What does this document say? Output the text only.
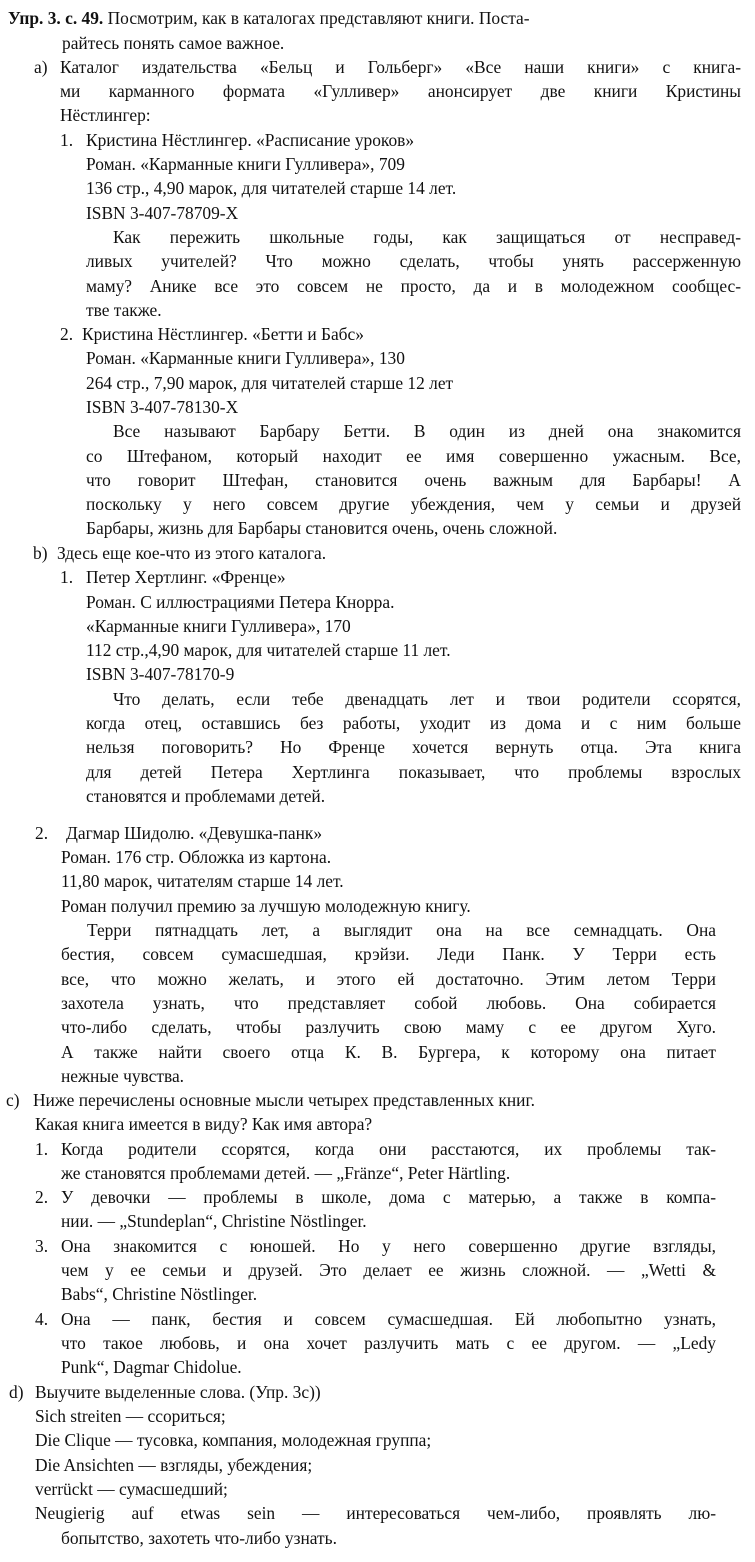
Упр. 3. с. 49. Посмотрим, как в каталогах представляют книги. Поста-
райтесь понять самое важное.
a) Каталог издательства «Бельц и Гольберг» «Все наши книги» с книга-
ми карманного формата «Гулливер» анонсирует две книги Кристины
Нёстлингер:
1. Кристина Нёстлингер. «Расписание уроков»
Роман. «Карманные книги Гулливера», 709
136 стр., 4,90 марок, для читателей старше 14 лет.
ISBN 3-407-78709-X
Как пережить школьные годы, как защищаться от несправед-
ливых учителей? Что можно сделать, чтобы унять рассерженную
маму? Анике все это совсем не просто, да и в молодежном сообщес-
тве также.
2. Кристина Нёстлингер. «Бетти и Бабс»
Роман. «Карманные книги Гулливера», 130
264 стр., 7,90 марок, для читателей старше 12 лет
ISBN 3-407-78130-X
Все называют Барбару Бетти. В один из дней она знакомится
со Штефаном, который находит ее имя совершенно ужасным. Все,
что говорит Штефан, становится очень важным для Барбары! А
поскольку у него совсем другие убеждения, чем у семьи и друзей
Барбары, жизнь для Барбары становится очень, очень сложной.
b) Здесь еще кое-что из этого каталога.
1. Петер Хертлинг. «Френце»
Роман. С иллюстрациями Петера Кнорра.
«Карманные книги Гулливера», 170
112 стр.,4,90 марок, для читателей старше 11 лет.
ISBN 3-407-78170-9
Что делать, если тебе двенадцать лет и твои родители ссорятся,
когда отец, оставшись без работы, уходит из дома и с ним больше
нельзя поговорить? Но Френце хочется вернуть отца. Эта книга
для детей Петера Хертлинга показывает, что проблемы взрослых
становятся и проблемами детей.
2. Дагмар Шидолю. «Девушка-панк»
Роман. 176 стр. Обложка из картона.
11,80 марок, читателям старше 14 лет.
Роман получил премию за лучшую молодежную книгу.
Терри пятнадцать лет, а выглядит она на все семнадцать. Она
бестия, совсем сумасшедшая, крэйзи. Леди Панк. У Терри есть
все, что можно желать, и этого ей достаточно. Этим летом Терри
захотела узнать, что представляет собой любовь. Она собирается
что-либо сделать, чтобы разлучить свою маму с ее другом Хуго.
А также найти своего отца К. В. Бургера, к которому она питает
нежные чувства.
c) Ниже перечислены основные мысли четырех представленных книг.
Какая книга имеется в виду? Как имя автора?
1. Когда родители ссорятся, когда они расстаются, их проблемы так-
же становятся проблемами детей. — „Fränze“, Peter Härtling.
2. У девочки — проблемы в школе, дома с матерью, а также в компа-
нии. — „Stundeplan“, Christine Nöstlinger.
3. Она знакомится с юношей. Но у него совершенно другие взгляды,
чем у ее семьи и друзей. Это делает ее жизнь сложной. — „Wetti &
Babs“, Christine Nöstlinger.
4. Она — панк, бестия и совсем сумасшедшая. Ей любопытно узнать,
что такое любовь, и она хочет разлучить мать с ее другом. — „Ledy
Punk“, Dagmar Chidolue.
d) Выучите выделенные слова. (Упр. 3c))
Sich streiten — ссориться;
Die Clique — тусовка, компания, молодежная группа;
Die Ansichten — взгляды, убеждения;
verrückt — сумасшедший;
Neugierig auf etwas sein — интересоваться чем-либо, проявлять лю-
бопытство, захотеть что-либо узнать.
